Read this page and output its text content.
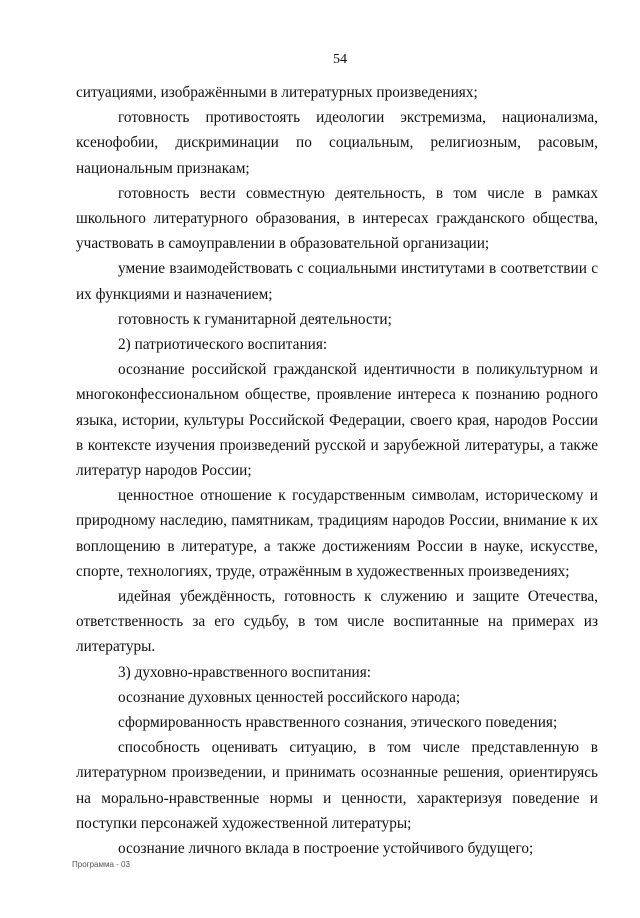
54

ситуациями, изображёнными в литературных произведениях;

готовность противостоять идеологии экстремизма, национализма, ксенофобии, дискриминации по социальным, религиозным, расовым, национальным признакам;

готовность вести совместную деятельность, в том числе в рамках школьного литературного образования, в интересах гражданского общества, участвовать в самоуправлении в образовательной организации;

умение взаимодействовать с социальными институтами в соответствии с их функциями и назначением;

готовность к гуманитарной деятельности;

2) патриотического воспитания:

осознание российской гражданской идентичности в поликультурном и многоконфессиональном обществе, проявление интереса к познанию родного языка, истории, культуры Российской Федерации, своего края, народов России в контексте изучения произведений русской и зарубежной литературы, а также литератур народов России;

ценностное отношение к государственным символам, историческому и природному наследию, памятникам, традициям народов России, внимание к их воплощению в литературе, а также достижениям России в науке, искусстве, спорте, технологиях, труде, отражённым в художественных произведениях;

идейная убеждённость, готовность к служению и защите Отечества, ответственность за его судьбу, в том числе воспитанные на примерах из литературы.

3) духовно-нравственного воспитания:

осознание духовных ценностей российского народа;

сформированность нравственного сознания, этического поведения;

способность оценивать ситуацию, в том числе представленную в литературном произведении, и принимать осознанные решения, ориентируясь на морально-нравственные нормы и ценности, характеризуя поведение и поступки персонажей художественной литературы;

осознание личного вклада в построение устойчивого будущего;

Программа - 03
